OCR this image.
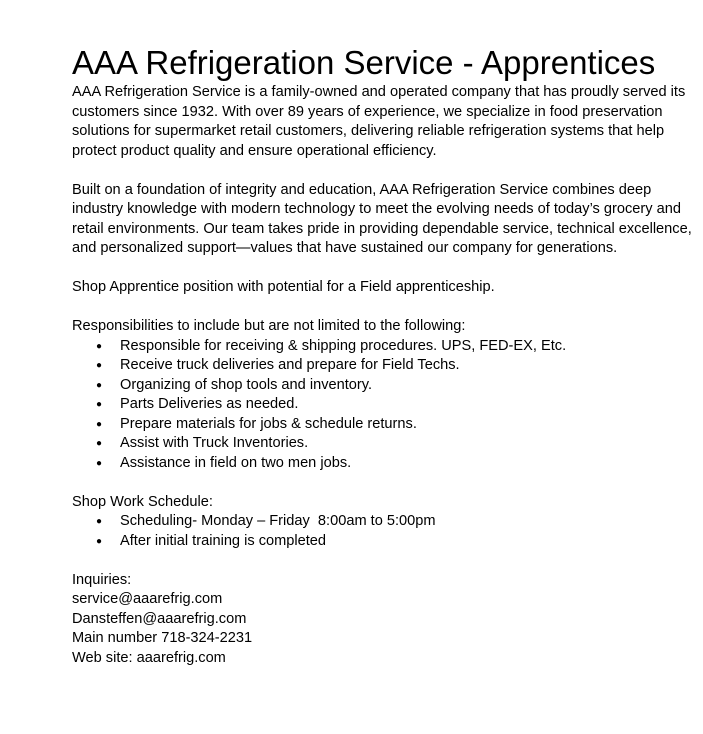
AAA Refrigeration Service - Apprentices

AAA Refrigeration Service is a family-owned and operated company that has proudly served its customers since 1932. With over 89 years of experience, we specialize in food preservation solutions for supermarket retail customers, delivering reliable refrigeration systems that help protect product quality and ensure operational efficiency.

Built on a foundation of integrity and education, AAA Refrigeration Service combines deep industry knowledge with modern technology to meet the evolving needs of today’s grocery and retail environments. Our team takes pride in providing dependable service, technical excellence, and personalized support—values that have sustained our company for generations.

Shop Apprentice position with potential for a Field apprenticeship.

Responsibilities to include but are not limited to the following:

● Responsible for receiving & shipping procedures. UPS, FED-EX, Etc.
● Receive truck deliveries and prepare for Field Techs.
● Organizing of shop tools and inventory.
● Parts Deliveries as needed.
● Prepare materials for jobs & schedule returns.
● Assist with Truck Inventories.
● Assistance in field on two men jobs.

Shop Work Schedule:

● Scheduling- Monday – Friday  8:00am to 5:00pm
● After initial training is completed

Inquiries:

service@aaarefrig.com

Dansteffen@aaarefrig.com

Main number 718-324-2231

Web site: aaarefrig.com
